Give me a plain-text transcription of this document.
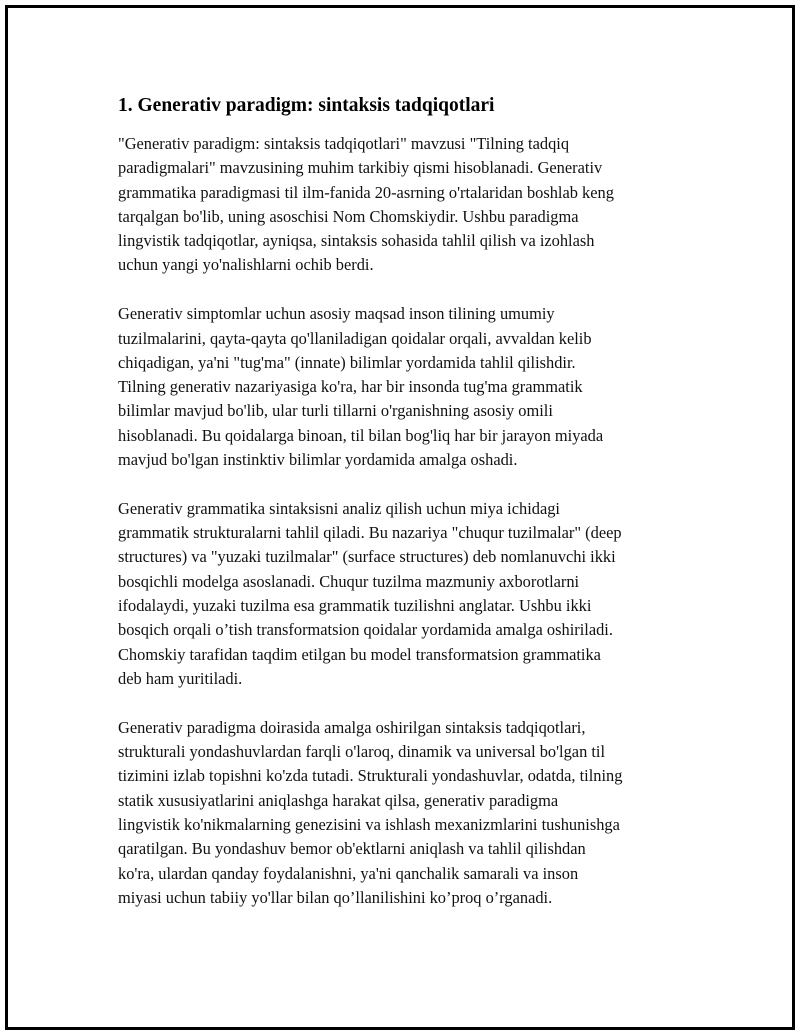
1. Generativ paradigm: sintaksis tadqiqotlari

"Generativ paradigm: sintaksis tadqiqotlari" mavzusi "Tilning tadqiq
paradigmalari" mavzusining muhim tarkibiy qismi hisoblanadi. Generativ
grammatika paradigmasi til ilm-fanida 20-asrning o'rtalaridan boshlab keng
tarqalgan bo'lib, uning asoschisi Nom Chomskiydir. Ushbu paradigma
lingvistik tadqiqotlar, ayniqsa, sintaksis sohasida tahlil qilish va izohlash
uchun yangi yo'nalishlarni ochib berdi.

Generativ simptomlar uchun asosiy maqsad inson tilining umumiy
tuzilmalarini, qayta-qayta qo'llaniladigan qoidalar orqali, avvaldan kelib
chiqadigan, ya'ni "tug'ma" (innate) bilimlar yordamida tahlil qilishdir.
Tilning generativ nazariyasiga ko'ra, har bir insonda tug'ma grammatik
bilimlar mavjud bo'lib, ular turli tillarni o'rganishning asosiy omili
hisoblanadi. Bu qoidalarga binoan, til bilan bog'liq har bir jarayon miyada
mavjud bo'lgan instinktiv bilimlar yordamida amalga oshadi.

Generativ grammatika sintaksisni analiz qilish uchun miya ichidagi
grammatik strukturalarni tahlil qiladi. Bu nazariya "chuqur tuzilmalar" (deep
structures) va "yuzaki tuzilmalar" (surface structures) deb nomlanuvchi ikki
bosqichli modelga asoslanadi. Chuqur tuzilma mazmuniy axborotlarni
ifodalaydi, yuzaki tuzilma esa grammatik tuzilishni anglatar. Ushbu ikki
bosqich orqali o’tish transformatsion qoidalar yordamida amalga oshiriladi.
Chomskiy tarafidan taqdim etilgan bu model transformatsion grammatika
deb ham yuritiladi.

Generativ paradigma doirasida amalga oshirilgan sintaksis tadqiqotlari,
strukturali yondashuvlardan farqli o'laroq, dinamik va universal bo'lgan til
tizimini izlab topishni ko'zda tutadi. Strukturali yondashuvlar, odatda, tilning
statik xususiyatlarini aniqlashga harakat qilsa, generativ paradigma
lingvistik ko'nikmalarning genezisini va ishlash mexanizmlarini tushunishga
qaratilgan. Bu yondashuv bemor ob'ektlarni aniqlash va tahlil qilishdan
ko'ra, ulardan qanday foydalanishni, ya'ni qanchalik samarali va inson
miyasi uchun tabiiy yo'llar bilan qo’llanilishini ko’proq o’rganadi.
